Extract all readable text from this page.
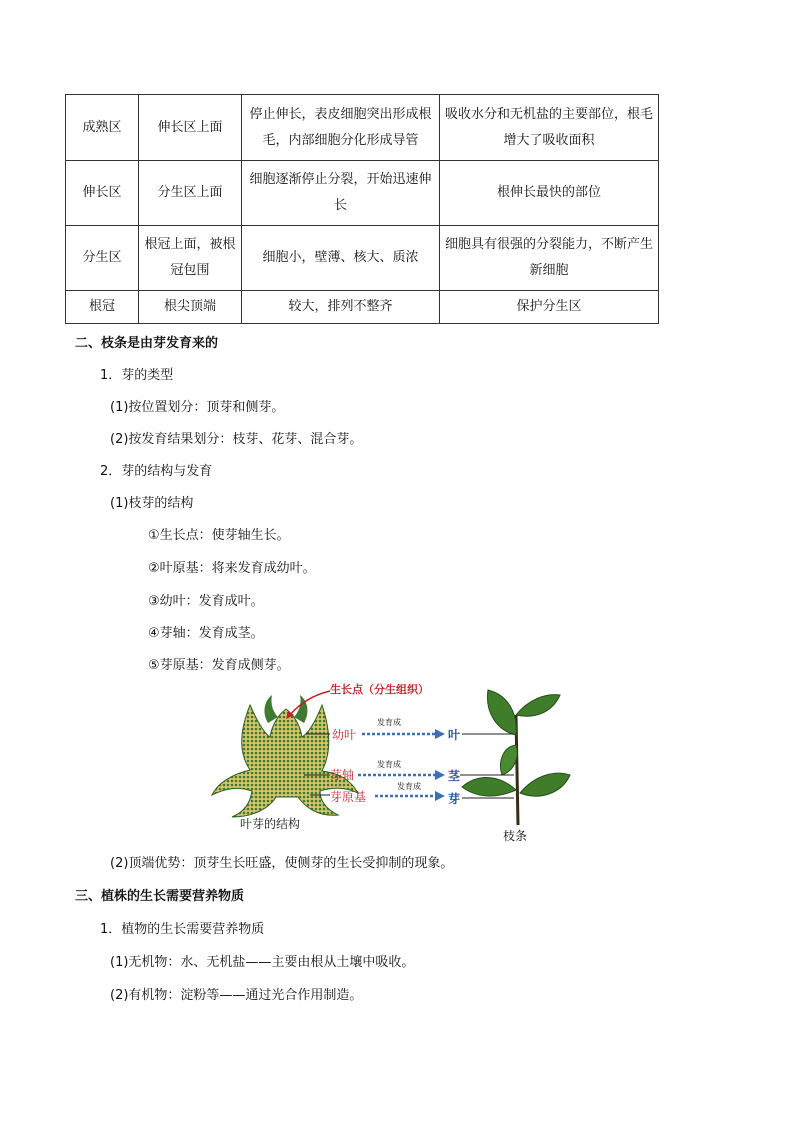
成熟区	伸长区上面	停止伸长，表皮细胞突出形成根毛，内部细胞分化形成导管	吸收水分和无机盐的主要部位，根毛增大了吸收面积
伸长区	分生区上面	细胞逐渐停止分裂，开始迅速伸长	根伸长最快的部位
分生区	根冠上面，被根冠包围	细胞小，壁薄、核大、质浓	细胞具有很强的分裂能力，不断产生新细胞
根冠	根尖顶端	较大，排列不整齐	保护分生区
二、枝条是由芽发育来的
1．芽的类型
(1)按位置划分：顶芽和侧芽。
(2)按发育结果划分：枝芽、花芽、混合芽。
2．芽的结构与发育
(1)枝芽的结构
①生长点：使芽轴生长。
②叶原基：将来发育成幼叶。
③幼叶：发育成叶。
④芽轴：发育成茎。
⑤芽原基：发育成侧芽。
生长点（分生组织）
幼叶
芽轴
芽原基
发育成
发育成
发育成
叶
茎
芽
叶芽的结构
枝条
(2)顶端优势：顶芽生长旺盛，使侧芽的生长受抑制的现象。
三、植株的生长需要营养物质
1．植物的生长需要营养物质
(1)无机物：水、无机盐——主要由根从土壤中吸收。
(2)有机物：淀粉等——通过光合作用制造。
